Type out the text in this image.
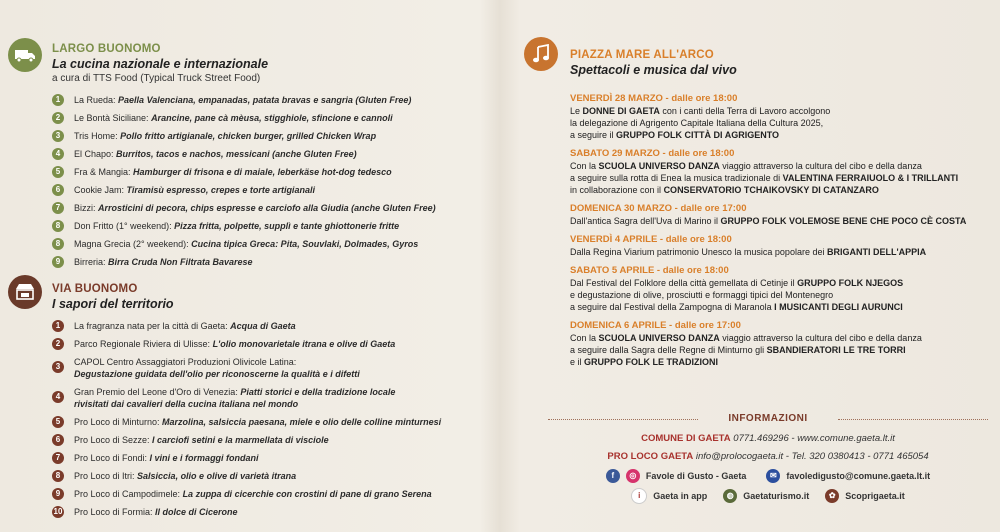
LARGO BUONOMO
La cucina nazionale e internazionale
a cura di TTS Food (Typical Truck Street Food)
1	La Rueda: Paella Valenciana, empanadas, patata bravas e sangria (Gluten Free)
2	Le Bontà Siciliane: Arancine, pane cà mèusa, stigghiole, sfincione e cannoli
3	Tris Home: Pollo fritto artigianale, chicken burger, grilled Chicken Wrap
4	El Chapo: Burritos, tacos e nachos, messicani (anche Gluten Free)
5	Fra & Mangia: Hamburger di frisona e di maiale, leberkäse hot-dog tedesco
6	Cookie Jam: Tiramisù espresso, crepes e torte artigianali
7	Bizzi: Arrosticini di pecora, chips espresse e carciofo alla Giudia (anche Gluten Free)
8	Don Fritto (1° weekend): Pizza fritta, polpette, supplì e tante ghiottonerie fritte
8	Magna Grecia (2° weekend): Cucina tipica Greca: Pita, Souvlaki, Dolmades, Gyros
9	Birreria: Birra Cruda Non Filtrata Bavarese
VIA BUONOMO
I sapori del territorio
1	La fragranza nata per la città di Gaeta: Acqua di Gaeta
2	Parco Regionale Riviera di Ulisse: L'olio monovarietale itrana e olive di Gaeta
3	CAPOL Centro Assaggiatori Produzioni Olivicole Latina:
Degustazione guidata dell'olio per riconoscerne la qualità e i difetti
4	Gran Premio del Leone d'Oro di Venezia: Piatti storici e della tradizione locale
rivisitati dai cavalieri della cucina italiana nel mondo
5	Pro Loco di Minturno: Marzolina, salsiccia paesana, miele e olio delle colline minturnesi
6	Pro Loco di Sezze: I carciofi setini e la marmellata di visciole
7	Pro Loco di Fondi: I vini e i formaggi fondani
8	Pro Loco di Itri: Salsiccia, olio e olive di varietà itrana
9	Pro Loco di Campodimele: La zuppa di cicerchie con crostini di pane di grano Serena
10 Pro Loco di Formia: Il dolce di Cicerone
PIAZZA MARE ALL'ARCO
Spettacoli e musica dal vivo
VENERDÌ 28 MARZO - dalle ore 18:00
Le DONNE DI GAETA con i canti della Terra di Lavoro accolgono
la delegazione di Agrigento Capitale Italiana della Cultura 2025,
a seguire il GRUPPO FOLK CITTÀ DI AGRIGENTO
SABATO 29 MARZO - dalle ore 18:00
Con la SCUOLA UNIVERSO DANZA viaggio attraverso la cultura del cibo e della danza
a seguire sulla rotta di Enea la musica tradizionale di VALENTINA FERRAIUOLO & I TRILLANTI
in collaborazione con il CONSERVATORIO TCHAIKOVSKY DI CATANZARO
DOMENICA 30 MARZO - dalle ore 17:00
Dall'antica Sagra dell'Uva di Marino il GRUPPO FOLK VOLEMOSE BENE CHE POCO CÈ COSTA
VENERDÌ 4 APRILE - dalle ore 18:00
Dalla Regina Viarium patrimonio Unesco la musica popolare dei BRIGANTI DELL'APPIA
SABATO 5 APRILE - dalle ore 18:00
Dal Festival del Folklore della città gemellata di Cetinje il GRUPPO FOLK NJEGOS
e degustazione di olive, prosciutti e formaggi tipici del Montenegro
a seguire dal Festival della Zampogna di Maranola I MUSICANTI DEGLI AURUNCI
DOMENICA 6 APRILE - dalle ore 17:00
Con la SCUOLA UNIVERSO DANZA viaggio attraverso la cultura del cibo e della danza
a seguire dalla Sagra delle Regne di Minturno gli SBANDIERATORI LE TRE TORRI
e il GRUPPO FOLK LE TRADIZIONI
INFORMAZIONI
COMUNE DI GAETA 0771.469296 - www.comune.gaeta.lt.it
PRO LOCO GAETA info@prolocogaeta.it - Tel. 320 0380413 - 0771 465054
f	◎	Favole di Gusto - Gaeta	✉	favoledigusto@comune.gaeta.lt.it
i	Gaeta in app	◍	Gaetaturismo.it	✿	Scoprigaeta.it
